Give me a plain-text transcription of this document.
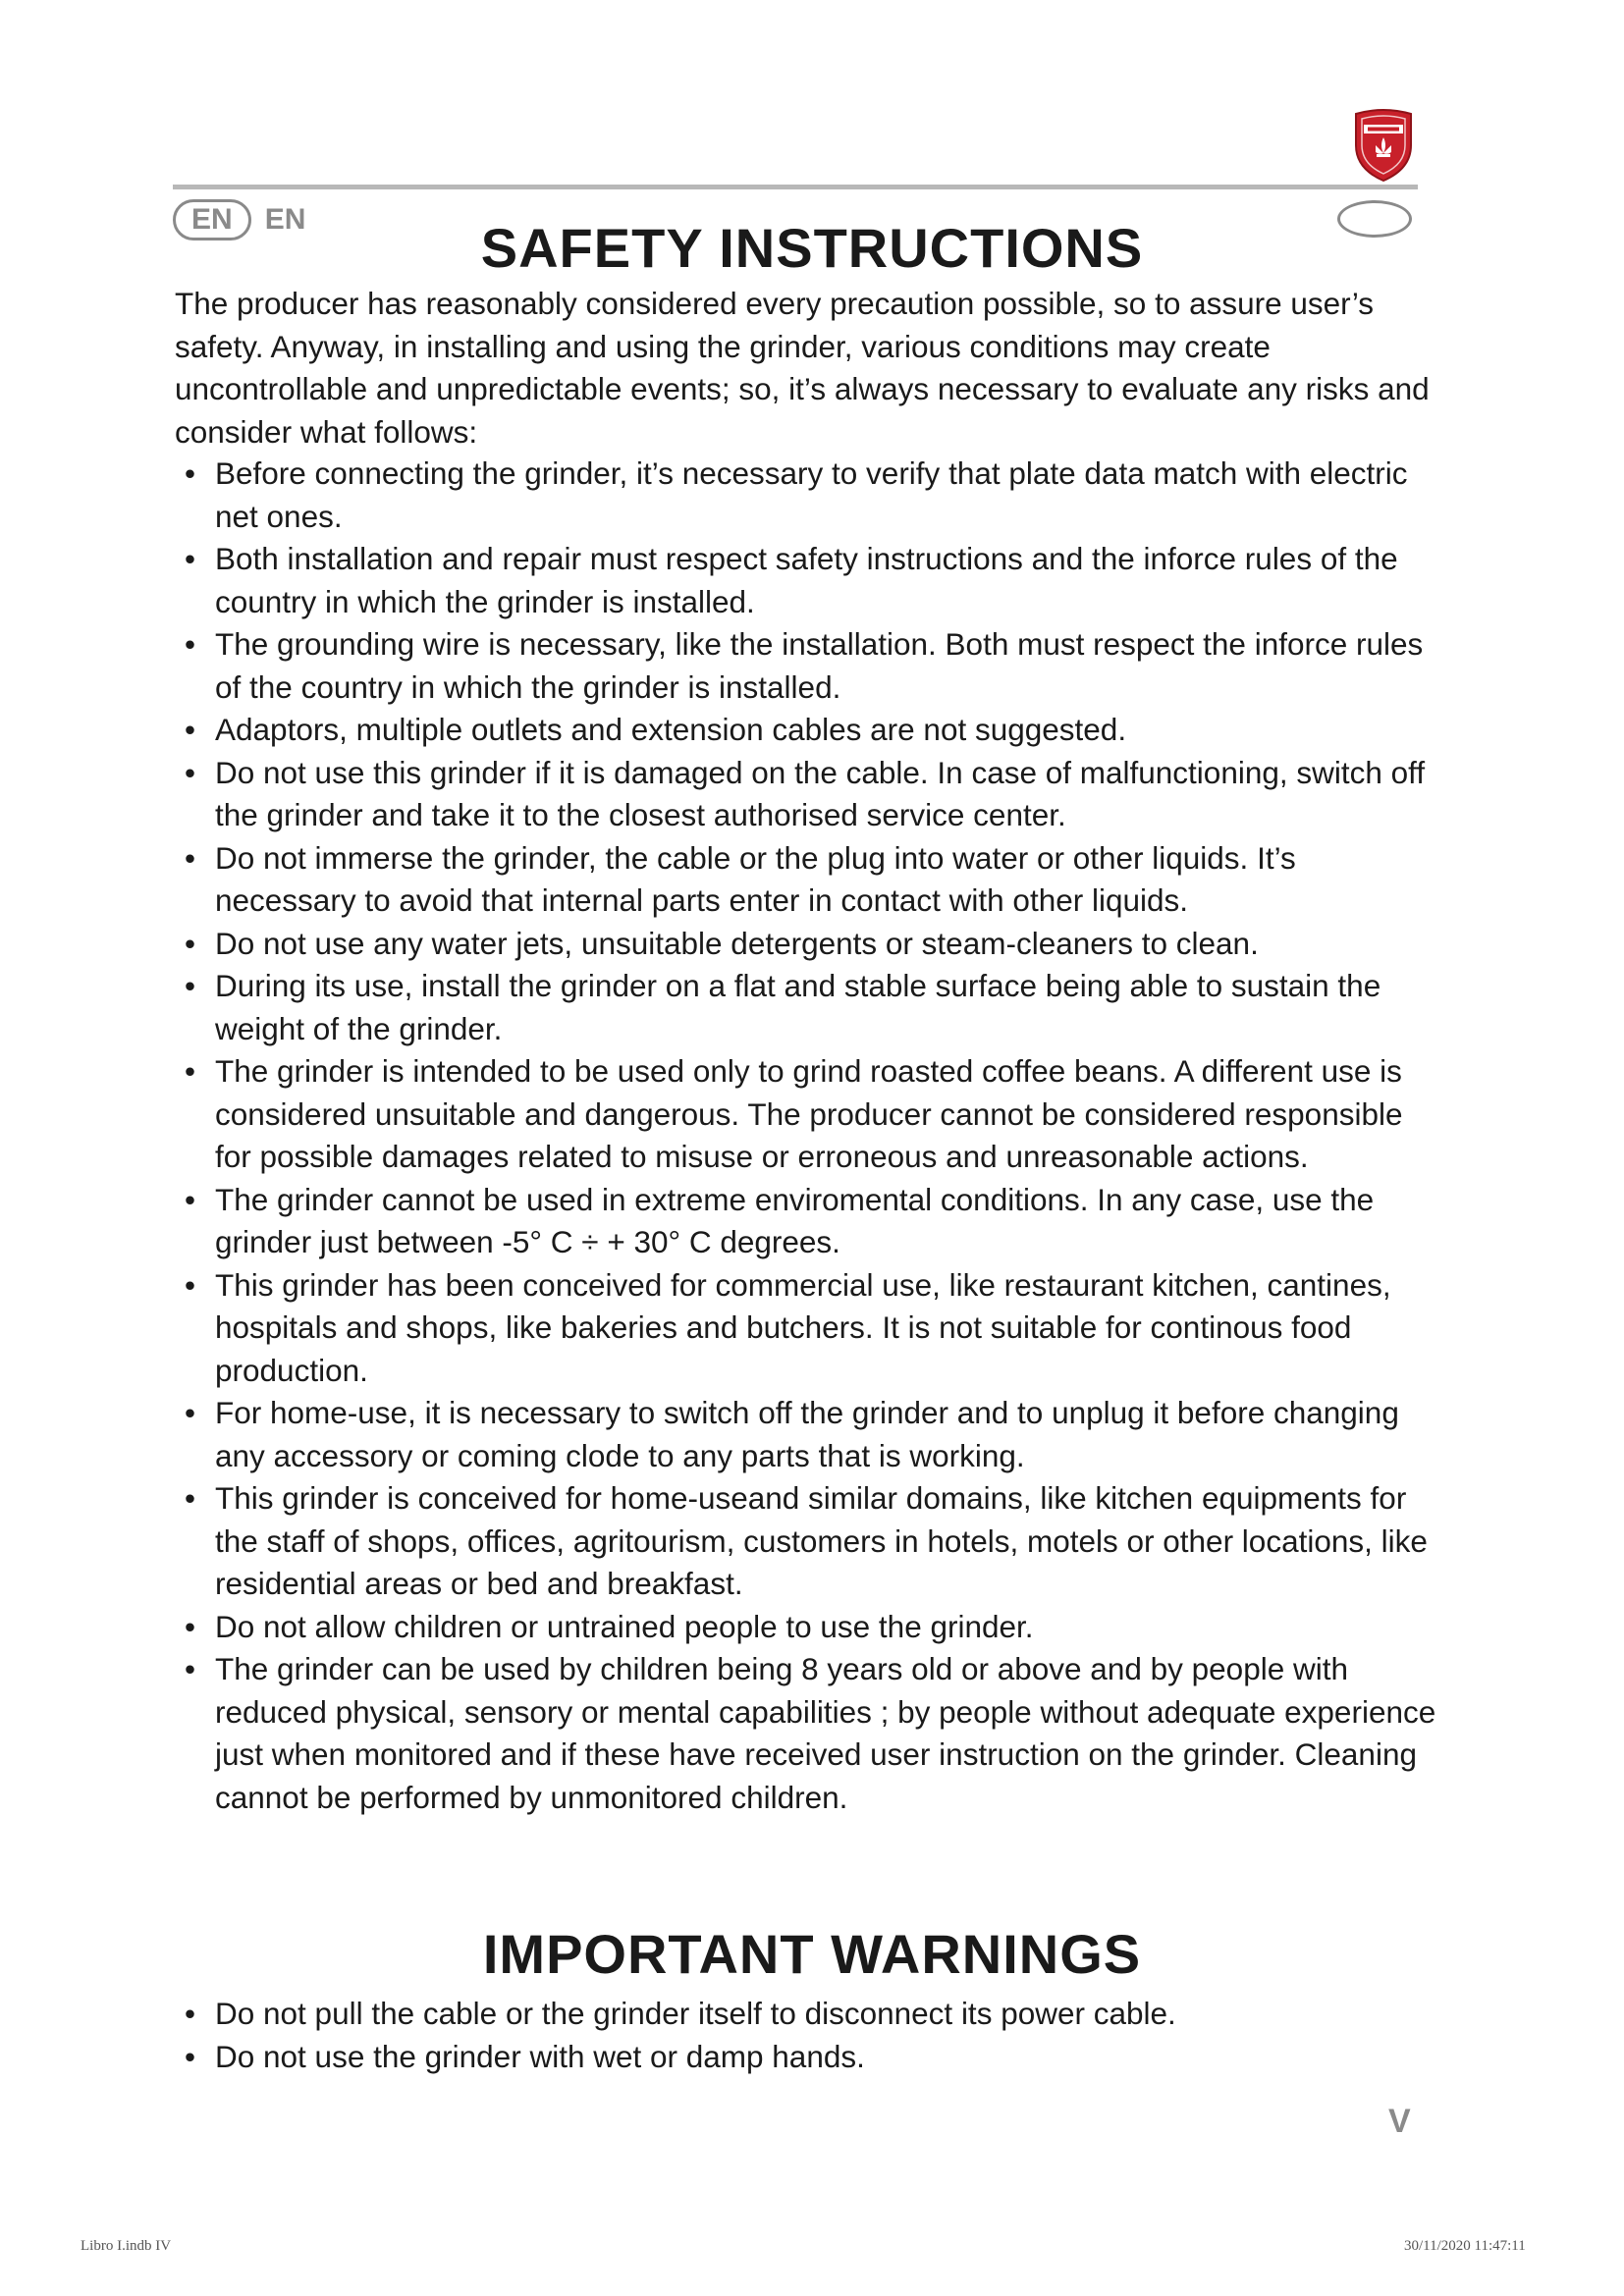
EN	EN	SAFETY INSTRUCTIONS

The producer has reasonably considered every precaution possible, so to assure user’s safety. Anyway, in installing and using the grinder, various conditions may create uncontrollable and unpredictable events; so, it’s always necessary to evaluate any risks and consider what follows:

• Before connecting the grinder, it’s necessary to verify that plate data match with electric net ones.
• Both installation and repair must respect safety instructions and the inforce rules of the country in which the grinder is installed.
• The grounding wire is necessary, like the installation. Both must respect the inforce rules of the country in which the grinder is installed.
• Adaptors, multiple outlets and extension cables are not suggested.
• Do not use this grinder if it is damaged on the cable. In case of malfunctioning, switch off the grinder and take it to the closest authorised service center.
• Do not immerse the grinder, the cable or the plug into water or other liquids. It’s necessary to avoid that internal parts enter in contact with other liquids.
• Do not use any water jets, unsuitable detergents or steam-cleaners to clean.
• During its use, install the grinder on a flat and stable surface being able to sustain the weight of the grinder.
• The grinder is intended to be used only to grind roasted coffee beans. A different use is considered unsuitable and dangerous. The producer cannot be considered responsible for possible damages related to misuse or erroneous and unreasonable actions.
• The grinder cannot be used in extreme enviromental conditions. In any case, use the grinder just between -5° C ÷ + 30° C degrees.
• This grinder has been conceived for commercial use, like restaurant kitchen, cantines, hospitals and shops, like bakeries and butchers. It is not suitable for continous food production.
• For home-use, it is necessary to switch off the grinder and to unplug it before changing any accessory or coming clode to any parts that is working.
• This grinder is conceived for home-useand similar domains, like kitchen equipments for the staff of shops, offices, agritourism, customers in hotels, motels or other locations, like residential areas or bed and breakfast.
• Do not allow children or untrained people to use the grinder.
• The grinder can be used by children being 8 years old or above and by people with reduced physical, sensory or mental capabilities ; by people without adequate experience just when monitored and if these have received user instruction on the grinder. Cleaning cannot be performed by unmonitored children.
IMPORTANT WARNINGS
• Do not pull the cable or the grinder itself to disconnect its power cable.
• Do not use the grinder with wet or damp hands.
V
Libro I.indb IV	30/11/2020 11:47:11
